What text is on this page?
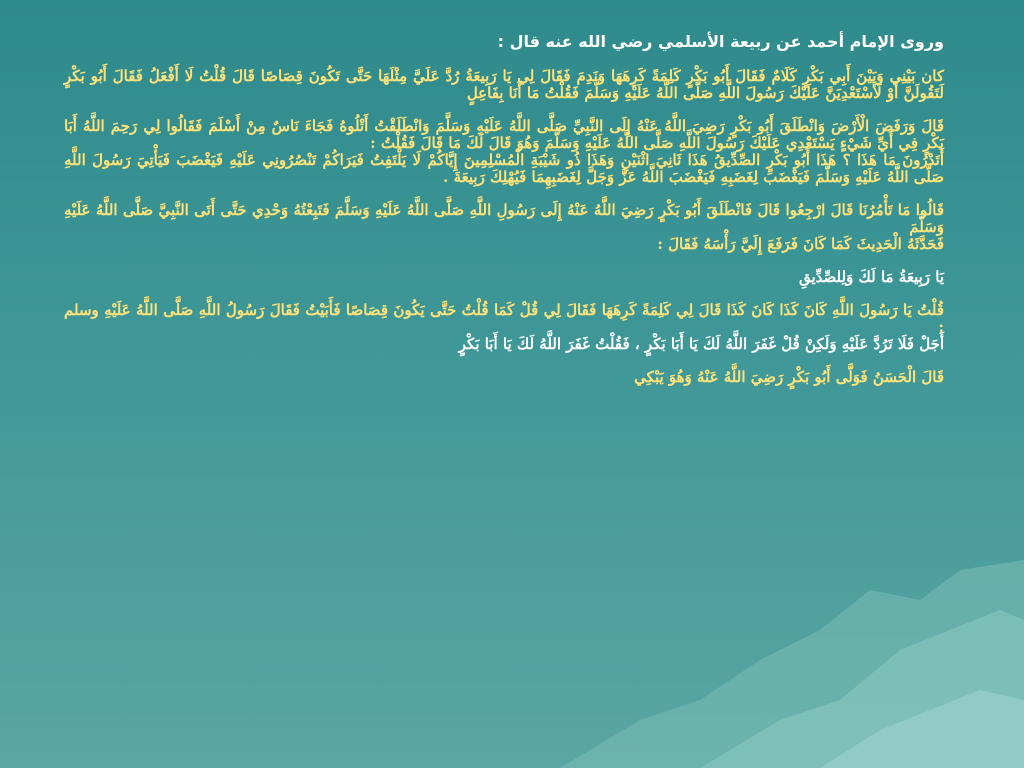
وروى الإمام أحمد عن ربيعة الأسلمي رضي الله عنه قال :
كان بَيْنِي وَبَيْنَ أَبِي بَكْرٍ كَلَامٌ فَقَالَ أَبُو بَكْرٍ كَلِمَةً كَرِهَهَا وَنَدِمَ فَقَالَ لِي يَا رَبِيعَةُ رُدَّ عَلَيَّ مِثْلَهَا حَتَّى تَكُونَ قِصَاصًا قَالَ قُلْتُ لَا أَفْعَلُ فَقَالَ أَبُو بَكْرٍ لَتَقُولَنَّ أَوْ لَأَسْتَعْدِيَنَّ عَلَيْكَ رَسُولَ اللَّهِ صَلَّى اللَّهُ عَلَيْهِ وَسَلَّمَ فَقُلْتُ مَا أَنَا بِفَاعِلٍ
قَالَ وَرَفَضَ الْأَرْضَ وَانْطَلَقَ أَبُو بَكْرٍ رَضِيَ اللَّهُ عَنْهُ إِلَى النَّبِيِّ صَلَّى اللَّهُ عَلَيْهِ وَسَلَّمَ وَانْطَلَقْتُ أَتْلُوهُ فَجَاءَ نَاسٌ مِنْ أَسْلَمَ فَقَالُوا لِي رَحِمَ اللَّهُ أَبَا بَكْرٍ فِي أَيِّ شَيْءٍ يَسْتَعْدِي عَلَيْكَ رَسُولَ اللَّهِ صَلَّى اللَّهُ عَلَيْهِ وَسَلَّمَ وَهُوَ قَالَ لَكَ مَا قَالَ فَقُلْتُ :
أَتَدْرُونَ مَا هَذَا ؟ هَذَا أَبُو بَكْرٍ الصِّدِّيقُ هَذَا ثَانِيَ اثْنَيْنِ وَهَذَا ذُو شَيْبَةِ الْمُسْلِمِينَ إِيَّاكُمْ لَا يَلْتَفِتُ فَيَرَاكُمْ تَنْصُرُونِي عَلَيْهِ فَيَغْضَبَ فَيَأْتِيَ رَسُولَ اللَّهِ صَلَّى اللَّهُ عَلَيْهِ وَسَلَّمَ فَيَغْضَبَ لِغَضَبِهِ فَيَغْضَبَ اللَّهُ عَزَّ وَجَلَّ لِغَضَبِهِمَا فَيُهْلِكَ رَبِيعَةَ .
قَالُوا مَا تَأْمُرُنَا قَالَ ارْجِعُوا قَالَ فَانْطَلَقَ أَبُو بَكْرٍ رَضِيَ اللَّهُ عَنْهُ إِلَى رَسُولِ اللَّهِ صَلَّى اللَّهُ عَلَيْهِ وَسَلَّمَ فَتَبِعْتُهُ وَحْدِي حَتَّى أَتَى النَّبِيَّ صَلَّى اللَّهُ عَلَيْهِ وَسَلَّمَ
فَحَدَّثَهُ الْحَدِيثَ كَمَا كَانَ فَرَفَعَ إِلَيَّ رَأْسَهُ فَقَالَ :
يَا رَبِيعَةُ مَا لَكَ وَلِلصِّدِّيقِ
قُلْتُ يَا رَسُولَ اللَّهِ كَانَ كَذَا كَانَ كَذَا قَالَ لِي كَلِمَةً كَرِهَهَا فَقَالَ لِي قُلْ كَمَا قُلْتُ حَتَّى يَكُونَ قِصَاصًا فَأَبَيْتُ فَقَالَ رَسُولُ اللَّهِ صَلَّى اللَّهُ عَلَيْهِ وسلم :
أَجَلْ فَلَا تَرُدَّ عَلَيْهِ وَلَكِنْ قُلْ غَفَرَ اللَّهُ لَكَ يَا أَبَا بَكْرٍ ، فَقُلْتُ غَفَرَ اللَّهُ لَكَ يَا أَبَا بَكْرٍ
قَالَ الْحَسَنُ فَوَلَّى أَبُو بَكْرٍ رَضِيَ اللَّهُ عَنْهُ وَهُوَ يَبْكِي
